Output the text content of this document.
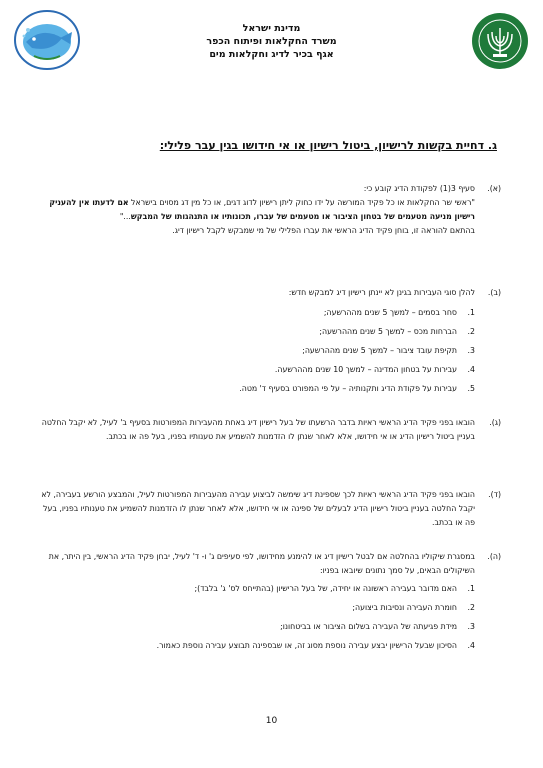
מדינת ישראל
משרד החקלאות ופיתוח הכפר
אגף בכיר לדיג וחקלאות מים
ג. דחיית בקשות לרישיון, ביטול רישיון או אי חידושו בגין עבר פלילי:
(א).
סעיף 3(1) לפקודת הדיג קובע כי:
"ראשי שר החקלאות או כל פקיד המורשה על ידו כחוק ליתן רישיון לדוג דגים, או כל מין דג מסוים בישראל אם לדעתו אין להעניק רישיון מניעה מטעמים של בטחון הציבור או מטעמים של עברו, תכונותיו או התנהגותו של המבקש..."
בהתאם להוראה זו, בוחן פקיד הדיג הראשי את עברו הפלילי של מי שמבקש לקבל רישיון דיג.
(ב).
להלן סוגי העבירות בגינן לא יינתן רישיון דיג למבקש חדש:
1.
סחר בסמים – למשך 5 שנים מההרשעה;
2.
הברחות מכס – למשך 5 שנים מההרשעה;
3.
תקיפת עובד ציבור – למשך 5 שנים מההרשעה;
4.
עבירות על בטחון המדינה – למשך 10 שנים מההרשעה.
5.
עבירות על פקודת הדיג ותקנותיה – על פי המפורט בסעיף ד' מטה.
(ג).
הובאו בפני פקיד הדיג הראשי ראיות בדבר הרשעתו של בעל רישיון דיג באחת מהעבירות המפורטות בסעיף ב' לעיל, לא יקבל החלטה בעניין ביטול רישיון הדיג או אי חידושו, אלא לאחר שנתן לו הזדמנות להשמיע את טענותיו בפניו, בעל פה או בכתב.
(ד).
הובאו בפני פקיד הדיג הראשי ראיות לכך שספינת דיג שימשה לביצוע עבירה מהעבירות המפורטות לעיל, והמבצע הורשע בעבירה, לא יקבל החלטה בעניין ביטול רישיון הדיג לבעלים של ספינה או אי חידושו, אלא לאחר שנתן לו הזדמנות להשמיע את טענותיו בפניו, בעל פה או בכתב.
(ה).
במסגרת שיקוליו בהחלטה אם לבטל רישיון דיג או להימנע מחידושו, לפי סעיפים ג' ו- ד' לעיל, יבחן פקיד הדיג הראשי, בין היתר, את השיקולים הבאים, על סמך נתונים שיובאו בפניו:
1.
האם מדובר בעבירה ראשונה או יחידה, של בעל הרישיון (בהתייחס לס' ג' בלבד);
2.
חומרת העבירה ונסיבות ביצועה;
3.
מידת פגיעתה של העבירה בשלום הציבור או בביטחונו;
4.
הסיכון שבעל הרישיון יבצע עבירה נוספת מסוג זה, או שבספינה תבוצע עבירה נוספת כאמור.
10
